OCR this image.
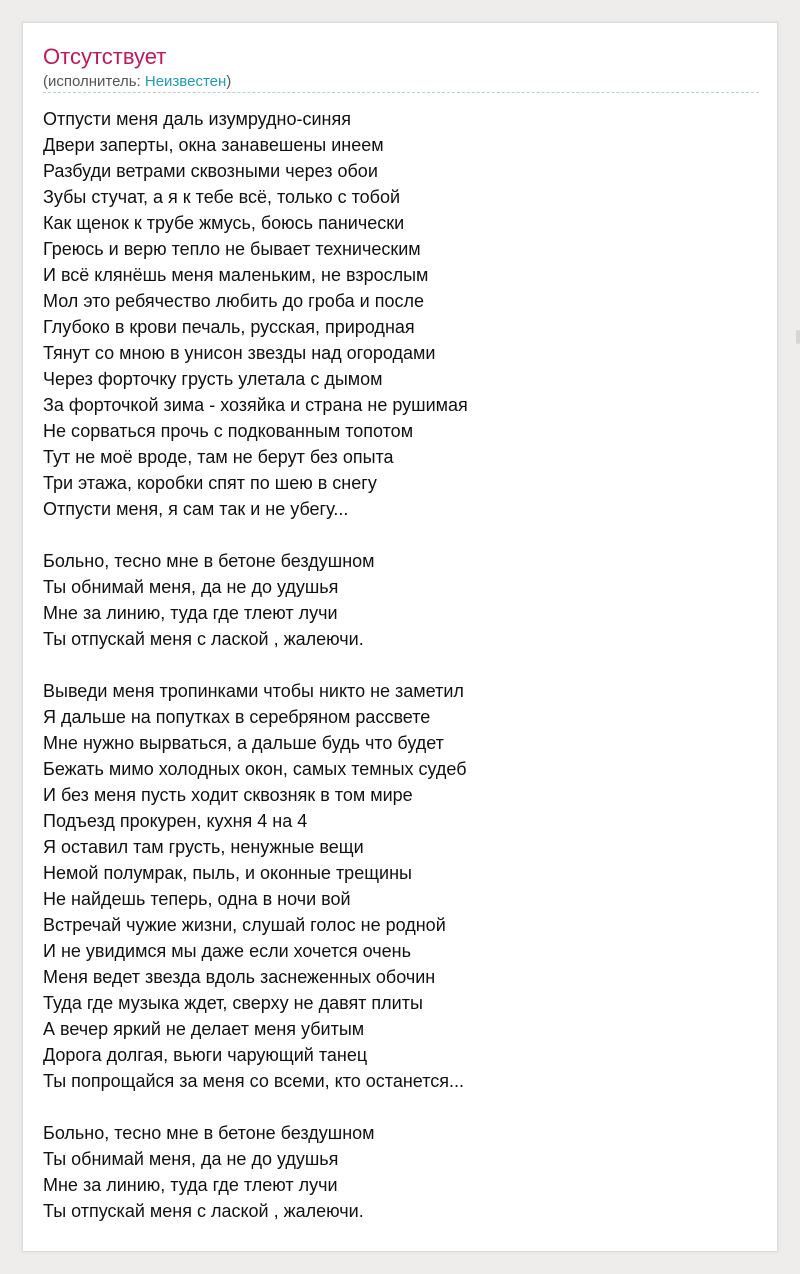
Отсутствует
(исполнитель: Неизвестен)
Отпусти меня даль изумрудно-синяя
Двери заперты, окна занавешены инеем
Разбуди ветрами сквозными через обои
Зубы стучат, а я к тебе всё, только с тобой
Как щенок к трубе жмусь, боюсь панически
Греюсь и верю тепло не бывает техническим
И всё клянёшь меня маленьким, не взрослым
Мол это ребячество любить до гроба и после
Глубоко в крови печаль, русская, природная
Тянут со мною в унисон звезды над огородами
Через форточку грусть улетала с дымом
За форточкой зима - хозяйка и страна не рушимая
Не сорваться прочь с подкованным топотом
Тут не моё вроде, там не берут без опыта
Три этажа, коробки спят по шею в снегу
Отпусти меня, я сам так и не убегу...
Больно, тесно мне в бетоне бездушном
Ты обнимай меня, да не до удушья
Мне за линию, туда где тлеют лучи
Ты отпускай меня с лаской , жалеючи.
Выведи меня тропинками чтобы никто не заметил
Я дальше на попутках в серебряном рассвете
Мне нужно вырваться, а дальше будь что будет
Бежать мимо холодных окон, самых темных судеб
И без меня пусть ходит сквозняк в том мире
Подъезд прокурен, кухня 4 на 4
Я оставил там грусть, ненужные вещи
Немой полумрак, пыль, и оконные трещины
Не найдешь теперь, одна в ночи вой
Встречай чужие жизни, слушай голос не родной
И не увидимся мы даже если хочется очень
Меня ведет звезда вдоль заснеженных обочин
Туда где музыка ждет, сверху не давят плиты
А вечер яркий не делает меня убитым
Дорога долгая, вьюги чарующий танец
Ты попрощайся за меня со всеми, кто останется...
Больно, тесно мне в бетоне бездушном
Ты обнимай меня, да не до удушья
Мне за линию, туда где тлеют лучи
Ты отпускай меня с лаской , жалеючи.
